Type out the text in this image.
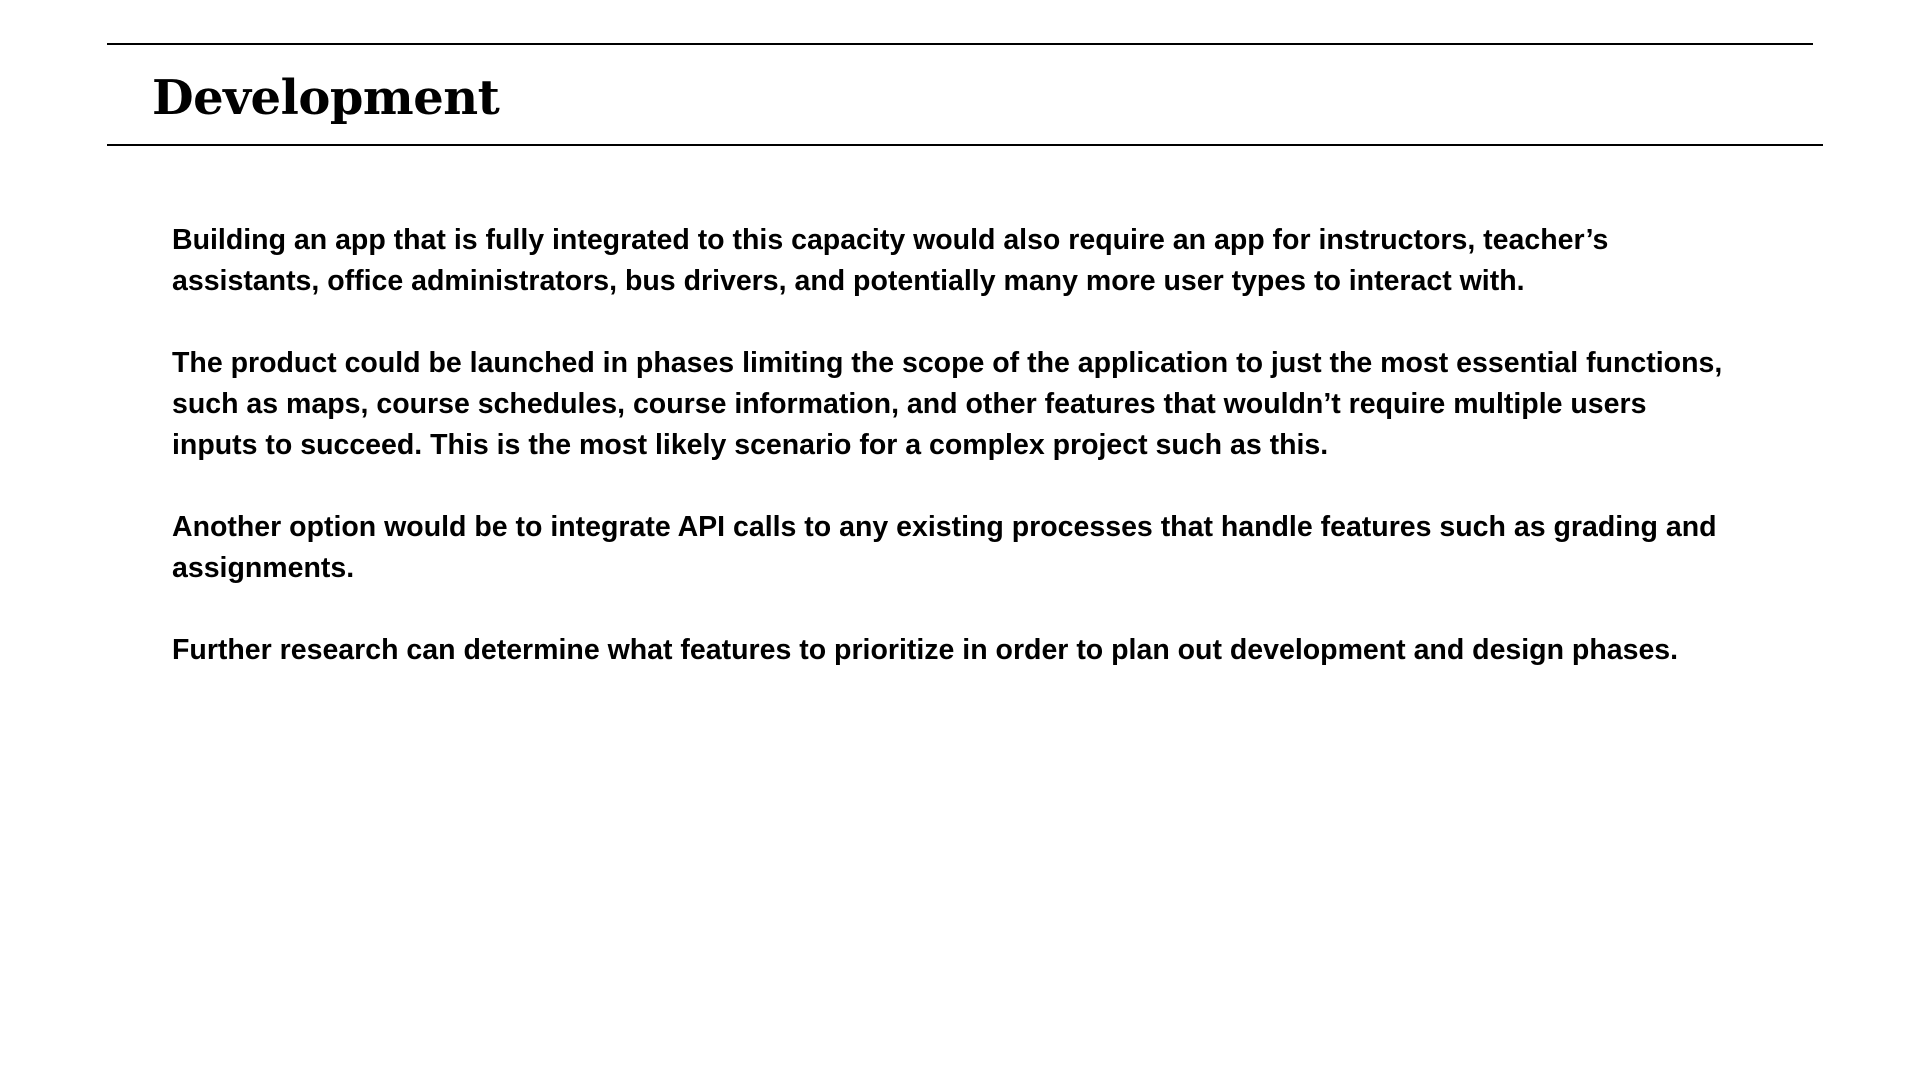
Development

Building an app that is fully integrated to this capacity would also require an app for instructors, teacher’s assistants, office administrators, bus drivers, and potentially many more user types to interact with.

The product could be launched in phases limiting the scope of the application to just the most essential functions, such as maps, course schedules, course information, and other features that wouldn’t require multiple users inputs to succeed. This is the most likely scenario for a complex project such as this.

Another option would be to integrate API calls to any existing processes that handle features such as grading and assignments.

Further research can determine what features to prioritize in order to plan out development and design phases.
